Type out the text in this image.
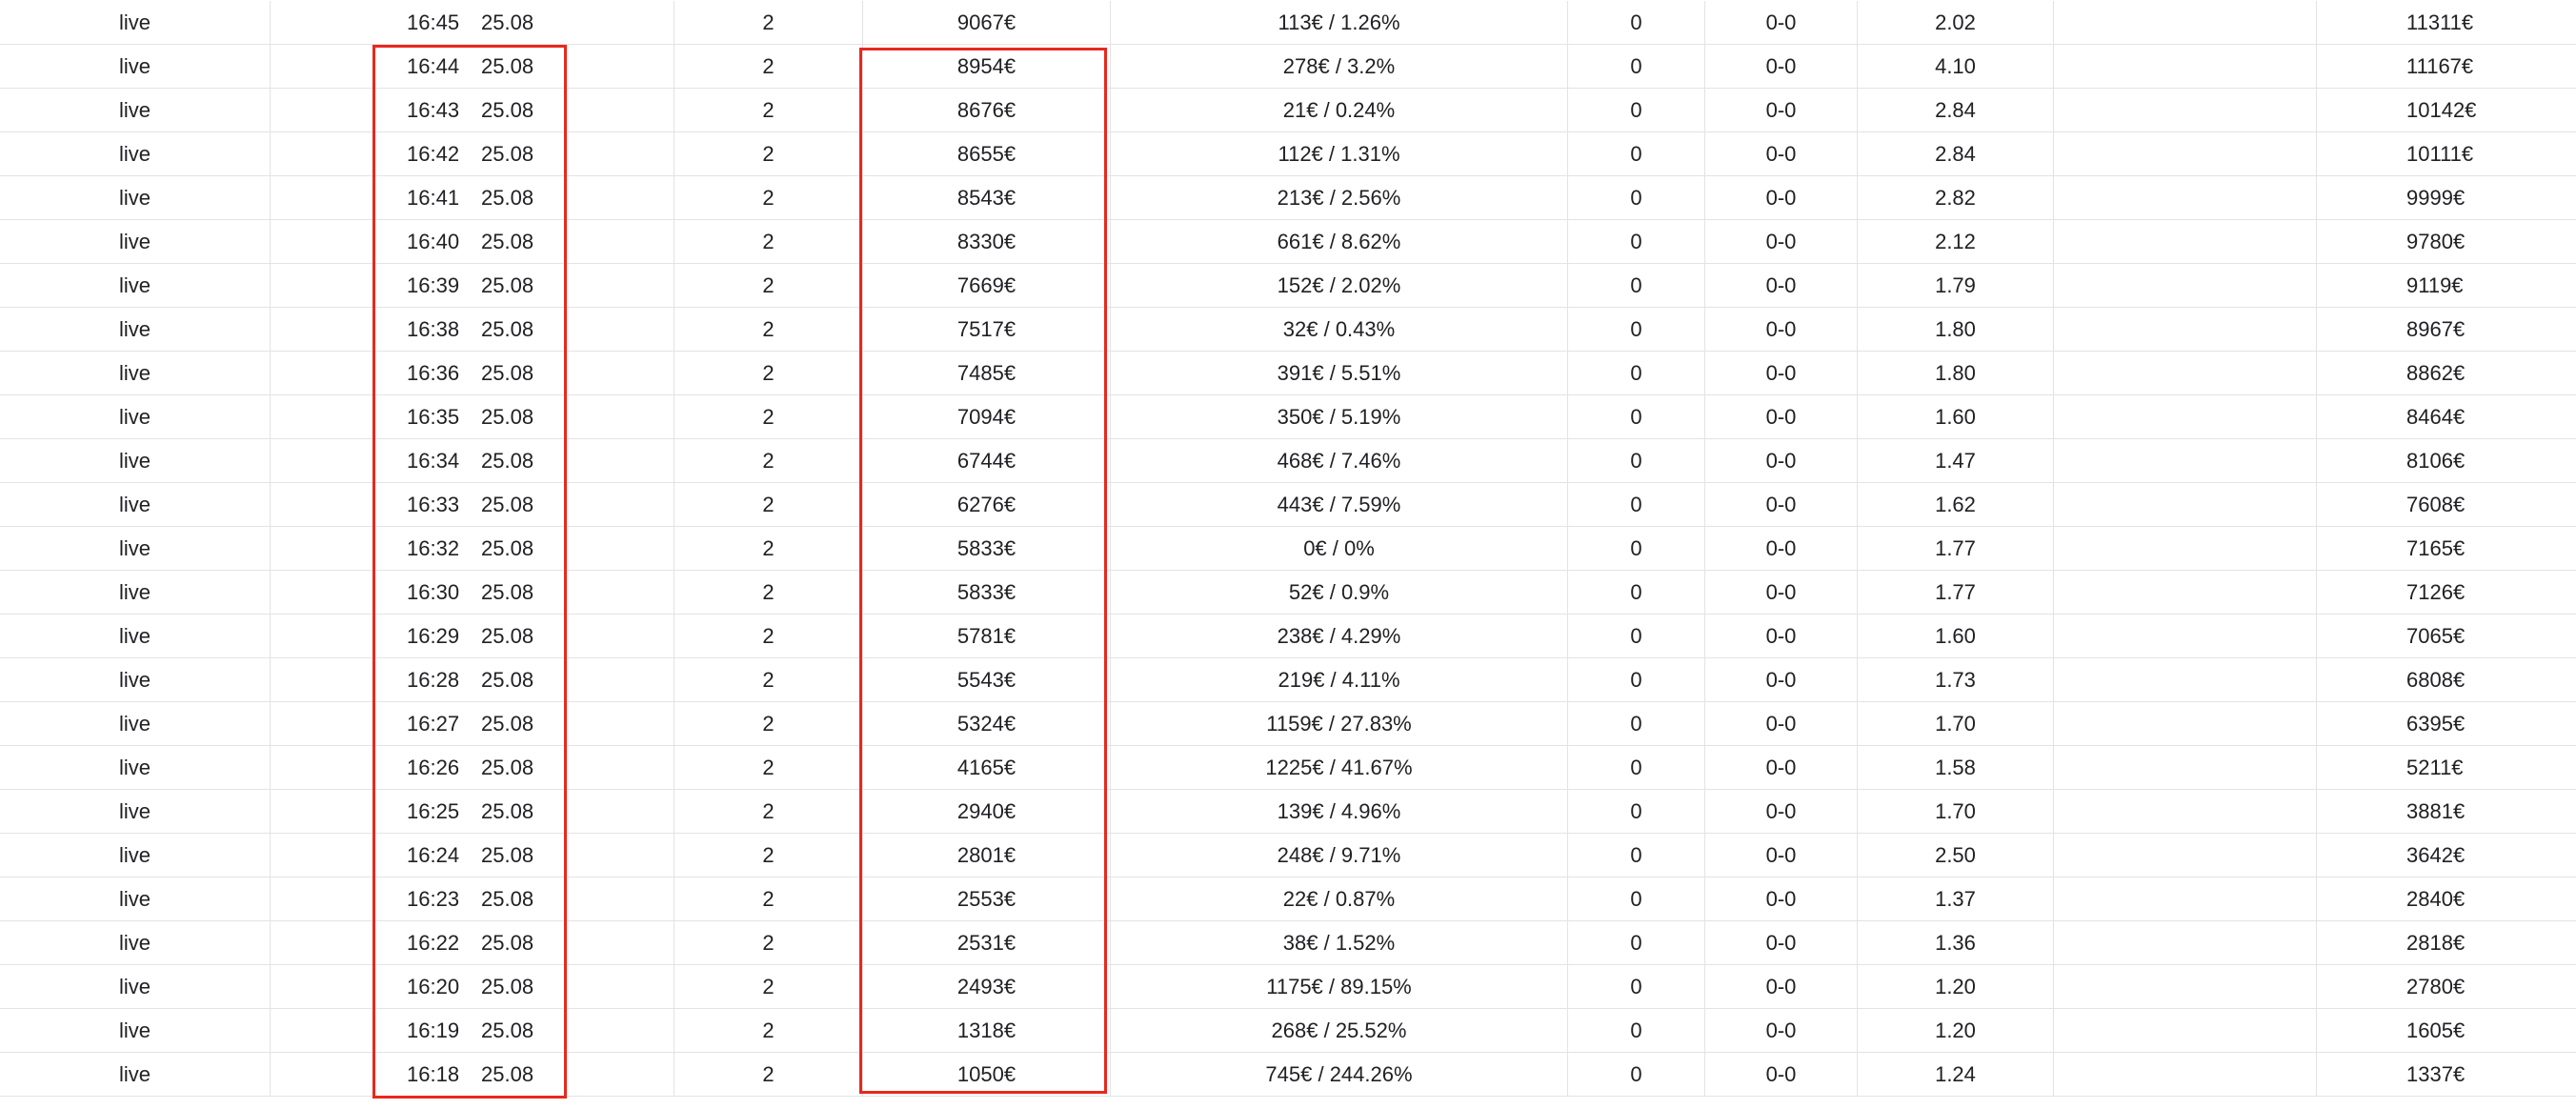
live	16:45 25.08	2	9067€	113€ / 1.26%	0	0-0	2.02	11311€
live	16:44 25.08	2	8954€	278€ / 3.2%	0	0-0	4.10	11167€
live	16:43 25.08	2	8676€	21€ / 0.24%	0	0-0	2.84	10142€
live	16:42 25.08	2	8655€	112€ / 1.31%	0	0-0	2.84	10111€
live	16:41 25.08	2	8543€	213€ / 2.56%	0	0-0	2.82	9999€
live	16:40 25.08	2	8330€	661€ / 8.62%	0	0-0	2.12	9780€
live	16:39 25.08	2	7669€	152€ / 2.02%	0	0-0	1.79	9119€
live	16:38 25.08	2	7517€	32€ / 0.43%	0	0-0	1.80	8967€
live	16:36 25.08	2	7485€	391€ / 5.51%	0	0-0	1.80	8862€
live	16:35 25.08	2	7094€	350€ / 5.19%	0	0-0	1.60	8464€
live	16:34 25.08	2	6744€	468€ / 7.46%	0	0-0	1.47	8106€
live	16:33 25.08	2	6276€	443€ / 7.59%	0	0-0	1.62	7608€
live	16:32 25.08	2	5833€	0€ / 0%	0	0-0	1.77	7165€
live	16:30 25.08	2	5833€	52€ / 0.9%	0	0-0	1.77	7126€
live	16:29 25.08	2	5781€	238€ / 4.29%	0	0-0	1.60	7065€
live	16:28 25.08	2	5543€	219€ / 4.11%	0	0-0	1.73	6808€
live	16:27 25.08	2	5324€	1159€ / 27.83%	0	0-0	1.70	6395€
live	16:26 25.08	2	4165€	1225€ / 41.67%	0	0-0	1.58	5211€
live	16:25 25.08	2	2940€	139€ / 4.96%	0	0-0	1.70	3881€
live	16:24 25.08	2	2801€	248€ / 9.71%	0	0-0	2.50	3642€
live	16:23 25.08	2	2553€	22€ / 0.87%	0	0-0	1.37	2840€
live	16:22 25.08	2	2531€	38€ / 1.52%	0	0-0	1.36	2818€
live	16:20 25.08	2	2493€	1175€ / 89.15%	0	0-0	1.20	2780€
live	16:19 25.08	2	1318€	268€ / 25.52%	0	0-0	1.20	1605€
live	16:18 25.08	2	1050€	745€ / 244.26%	0	0-0	1.24	1337€
